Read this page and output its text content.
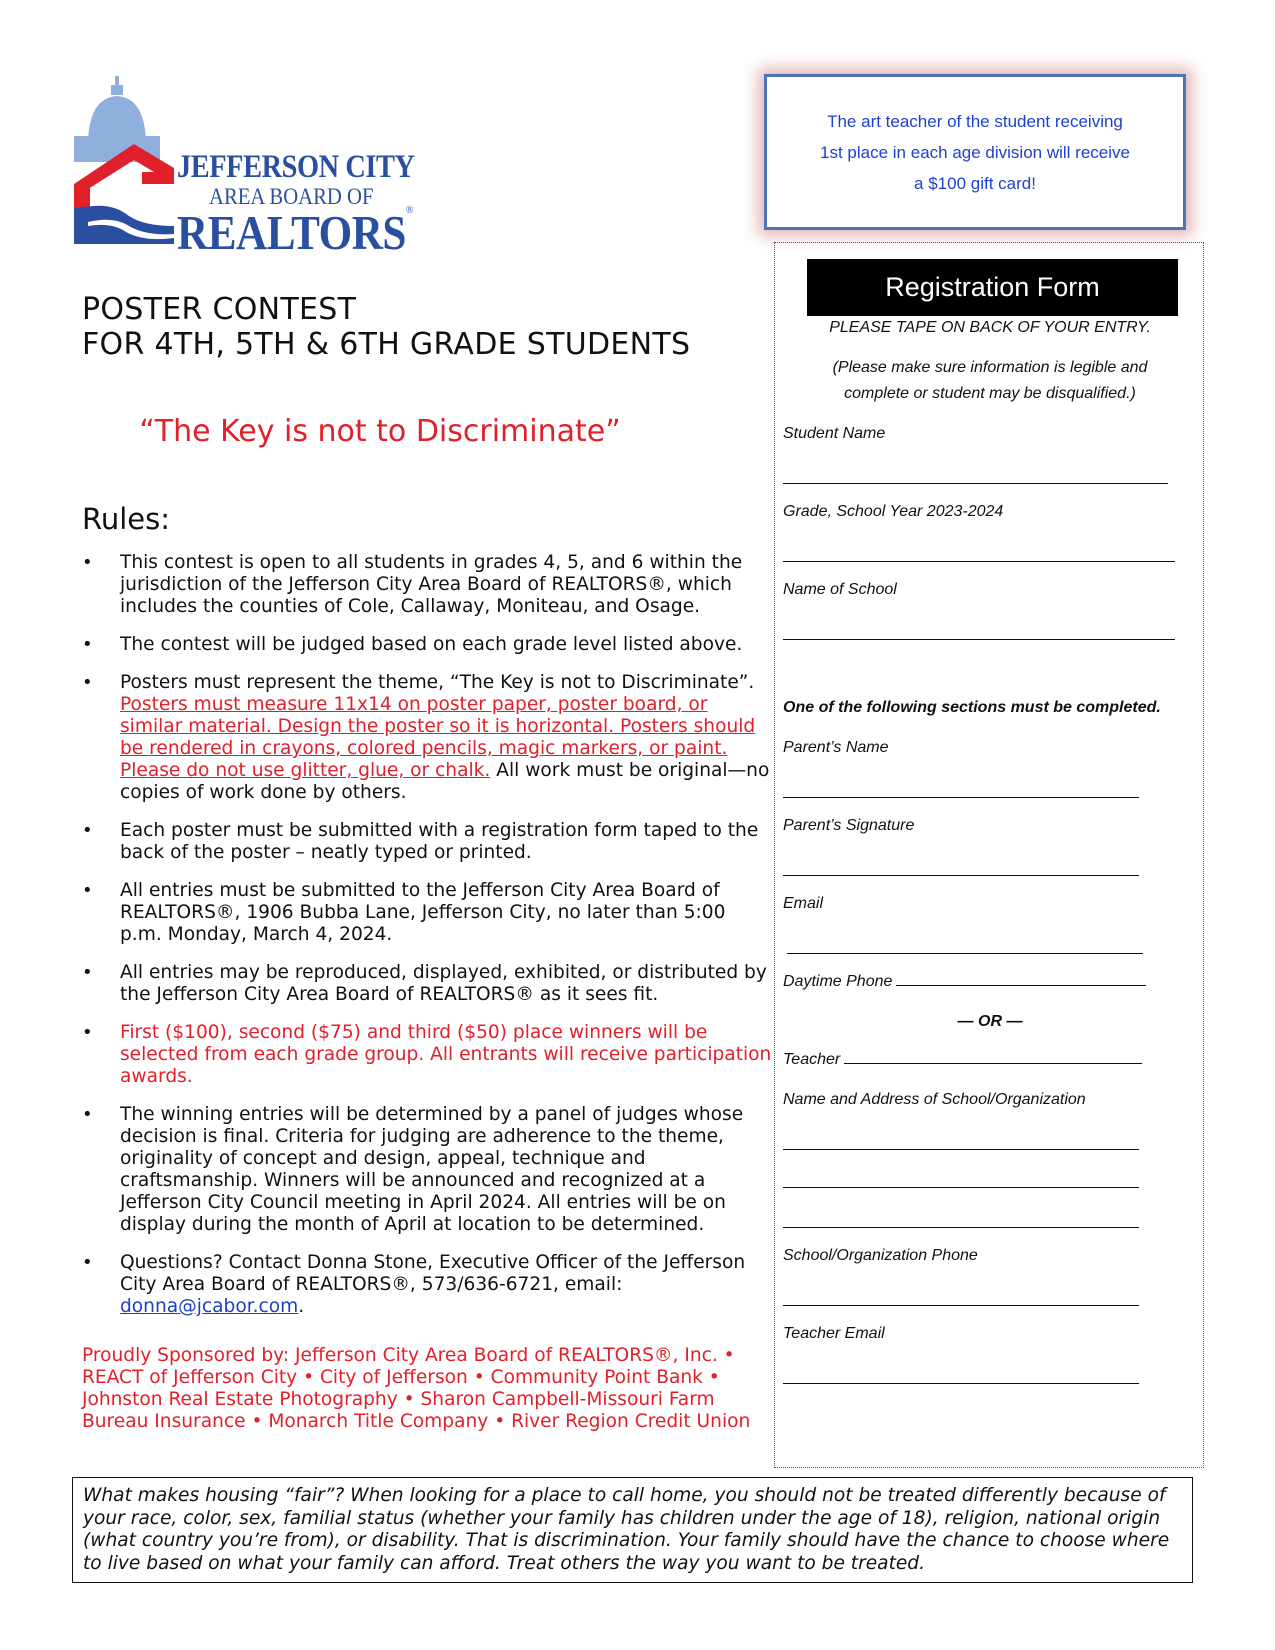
JEFFERSON CITY
AREA BOARD OF
REALTORS®
POSTER CONTEST
FOR 4TH, 5TH & 6TH GRADE STUDENTS
“The Key is not to Discriminate”
Rules:
• This contest is open to all students in grades 4, 5, and 6 within the jurisdiction of the Jefferson City Area Board of REALTORS®, which includes the counties of Cole, Callaway, Moniteau, and Osage.
• The contest will be judged based on each grade level listed above.
• Posters must represent the theme, “The Key is not to Discriminate”. Posters must measure 11x14 on poster paper, poster board, or similar material. Design the poster so it is horizontal. Posters should be rendered in crayons, colored pencils, magic markers, or paint. Please do not use glitter, glue, or chalk. All work must be original—no copies of work done by others.
• Each poster must be submitted with a registration form taped to the back of the poster – neatly typed or printed.
• All entries must be submitted to the Jefferson City Area Board of REALTORS®, 1906 Bubba Lane, Jefferson City, no later than 5:00 p.m. Monday, March 4, 2024.
• All entries may be reproduced, displayed, exhibited, or distributed by the Jefferson City Area Board of REALTORS® as it sees fit.
• First ($100), second ($75) and third ($50) place winners will be selected from each grade group. All entrants will receive participation awards.
• The winning entries will be determined by a panel of judges whose decision is final. Criteria for judging are adherence to the theme, originality of concept and design, appeal, technique and craftsmanship. Winners will be announced and recognized at a Jefferson City Council meeting in April 2024. All entries will be on display during the month of April at location to be determined.
• Questions? Contact Donna Stone, Executive Officer of the Jefferson City Area Board of REALTORS®, 573/636-6721, email: donna@jcabor.com.
Proudly Sponsored by: Jefferson City Area Board of REALTORS®, Inc. • REACT of Jefferson City • City of Jefferson • Community Point Bank • Johnston Real Estate Photography • Sharon Campbell-Missouri Farm Bureau Insurance • Monarch Title Company • River Region Credit Union
The art teacher of the student receiving
1st place in each age division will receive
a $100 gift card!
Registration Form
PLEASE TAPE ON BACK OF YOUR ENTRY.
(Please make sure information is legible and
complete or student may be disqualified.)
Student Name
Grade, School Year 2023-2024
Name of School
One of the following sections must be completed.
Parent’s Name
Parent’s Signature
Email
Daytime Phone
— OR —
Teacher
Name and Address of School/Organization
School/Organization Phone
Teacher Email
What makes housing “fair”? When looking for a place to call home, you should not be treated differently because of your race, color, sex, familial status (whether your family has children under the age of 18), religion, national origin (what country you’re from), or disability. That is discrimination. Your family should have the chance to choose where to live based on what your family can afford. Treat others the way you want to be treated.
